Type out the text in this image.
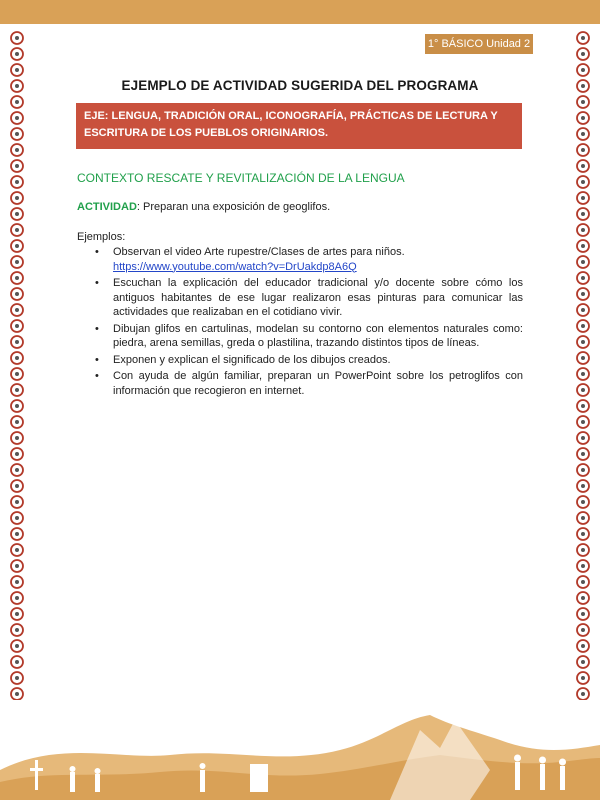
1° BÁSICO Unidad 2
EJEMPLO DE ACTIVIDAD SUGERIDA DEL PROGRAMA
EJE: LENGUA, TRADICIÓN ORAL, ICONOGRAFÍA, PRÁCTICAS DE LECTURA Y ESCRITURA DE LOS PUEBLOS ORIGINARIOS.
CONTEXTO RESCATE Y REVITALIZACIÓN DE LA LENGUA
ACTIVIDAD: Preparan una exposición de geoglifos.
Ejemplos:
• Observan el video Arte rupestre/Clases de artes para niños.
https://www.youtube.com/watch?v=DrUakdp8A6Q
• Escuchan la explicación del educador tradicional y/o docente sobre cómo los antiguos habitantes de ese lugar realizaron esas pinturas para comunicar las actividades que realizaban en el cotidiano vivir.
• Dibujan glifos en cartulinas, modelan su contorno con elementos naturales como: piedra, arena semillas, greda o plastilina, trazando distintos tipos de líneas.
• Exponen y explican el significado de los dibujos creados.
• Con ayuda de algún familiar, preparan un PowerPoint sobre los petroglifos con información que recogieron en internet.
